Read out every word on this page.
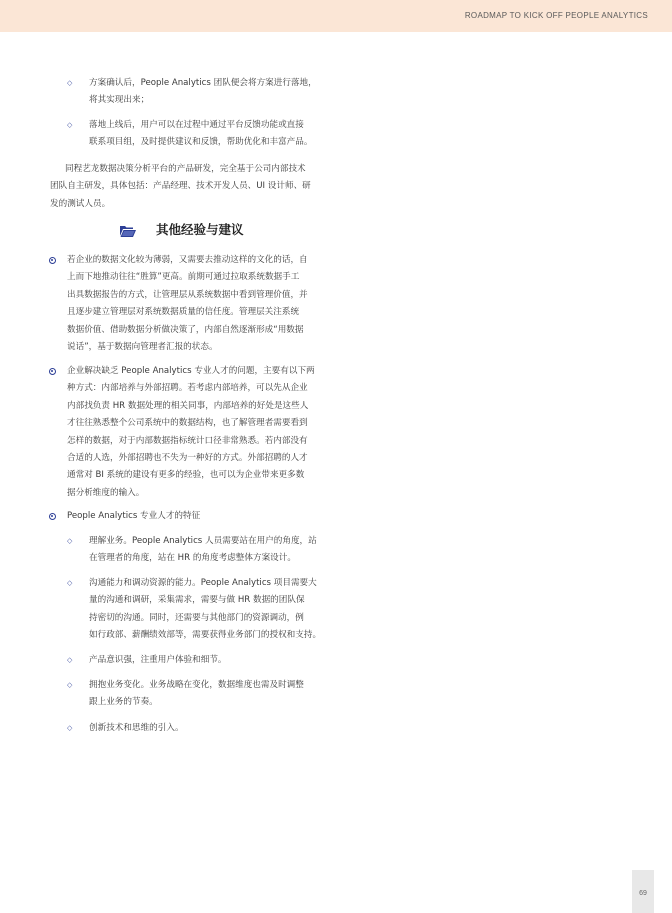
ROADMAP TO KICK OFF PEOPLE ANALYTICS
◇ 方案确认后，People Analytics 团队便会将方案进行落地，
将其实现出来；
◇ 落地上线后，用户可以在过程中通过平台反馈功能或直接
联系项目组，及时提供建议和反馈，帮助优化和丰富产品。
同程艺龙数据决策分析平台的产品研发，完全基于公司内部技术
团队自主研发，具体包括：产品经理、技术开发人员、UI 设计师、研
发的测试人员。
其他经验与建议
若企业的数据文化较为薄弱，又需要去推动这样的文化的话，自
上而下地推动往往“胜算”更高。前期可通过拉取系统数据手工
出具数据报告的方式，让管理层从系统数据中看到管理价值，并
且逐步建立管理层对系统数据质量的信任度。管理层关注系统
数据价值、借助数据分析做决策了，内部自然逐渐形成“用数据
说话”，基于数据向管理者汇报的状态。
企业解决缺乏 People Analytics 专业人才的问题，主要有以下两
种方式：内部培养与外部招聘。若考虑内部培养，可以先从企业
内部找负责 HR 数据处理的相关同事，内部培养的好处是这些人
才往往熟悉整个公司系统中的数据结构，也了解管理者需要看到
怎样的数据，对于内部数据指标统计口径非常熟悉。若内部没有
合适的人选，外部招聘也不失为一种好的方式。外部招聘的人才
通常对 BI 系统的建设有更多的经验，也可以为企业带来更多数
据分析维度的输入。
People Analytics 专业人才的特征
◇ 理解业务。People Analytics 人员需要站在用户的角度，站
在管理者的角度，站在 HR 的角度考虑整体方案设计。
◇ 沟通能力和调动资源的能力。People Analytics 项目需要大
量的沟通和调研，采集需求，需要与做 HR 数据的团队保
持密切的沟通。同时，还需要与其他部门的资源调动，例
如行政部、薪酬绩效部等，需要获得业务部门的授权和支持。
◇ 产品意识强，注重用户体验和细节。
◇ 拥抱业务变化。业务战略在变化，数据维度也需及时调整
跟上业务的节奏。
◇ 创新技术和思维的引入。
69
